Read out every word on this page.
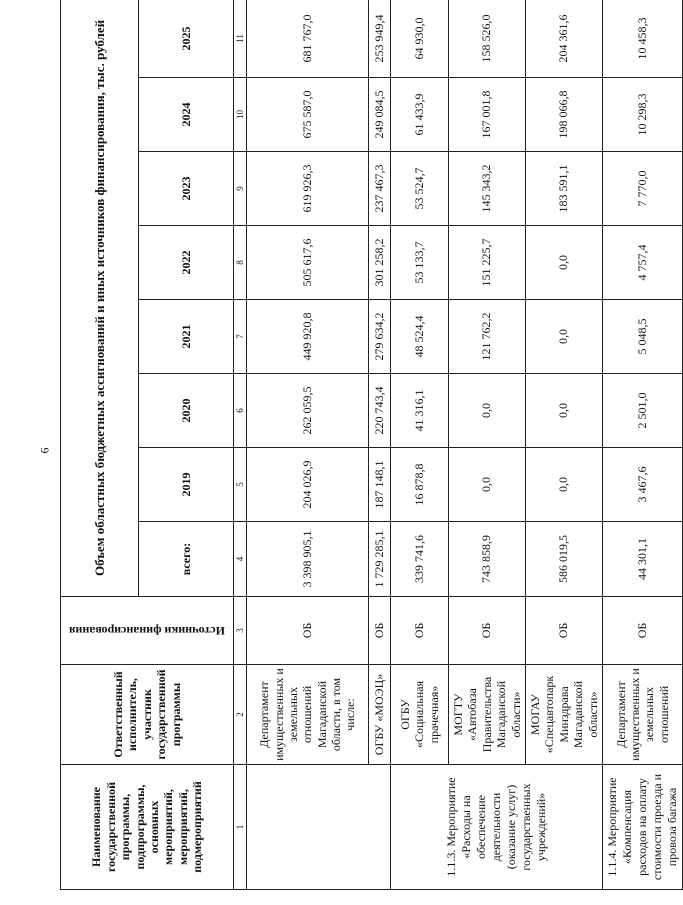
6
Наименование государственной программы, подпрограммы, основных мероприятий, мероприятий, подмероприятий	Ответственный исполнитель, участник государственной программы	Источники финансирования	Объем областных бюджетных ассигнований и иных источников финансирования, тыс. рублей							
			всего:	2019	2020	2021	2022	2023	2024	2025
1	2	3	4	5	6	7	8	9	10	11
	Департамент имущественных и земельных отношений Магаданской области, в том числе:	ОБ	3 398 905,1	204 026,9	262 059,5	449 920,8	505 617,6	619 926,3	675 587,0	681 767,0
	ОГБУ «МОЭЦ»	ОБ	1 729 285,1	187 148,1	220 743,4	279 634,2	301 258,2	237 467,3	249 084,5	253 949,4
1.1.3. Мероприятие «Расходы на обеспечение деятельности (оказание услуг) государственных учреждений»	ОГБУ «Социальная прачечная»	ОБ	339 741,6	16 878,8	41 316,1	48 524,4	53 133,7	53 524,7	61 433,9	64 930,0
	МОГТУ «Автобаза Правительства Магаданской области»	ОБ	743 858,9	0,0	0,0	121 762,2	151 225,7	145 343,2	167 001,8	158 526,0
	МОГАУ «Спецавтопарк Минздрава Магаданской области»	ОБ	586 019,5	0,0	0,0	0,0	0,0	183 591,1	198 066,8	204 361,6
1.1.4. Мероприятие «Компенсация расходов на оплату стоимости проезда и провоза багажа	Департамент имущественных и земельных отношений	ОБ	44 301,1	3 467,6	2 501,0	5 048,5	4 757,4	7 770,0	10 298,3	10 458,3
